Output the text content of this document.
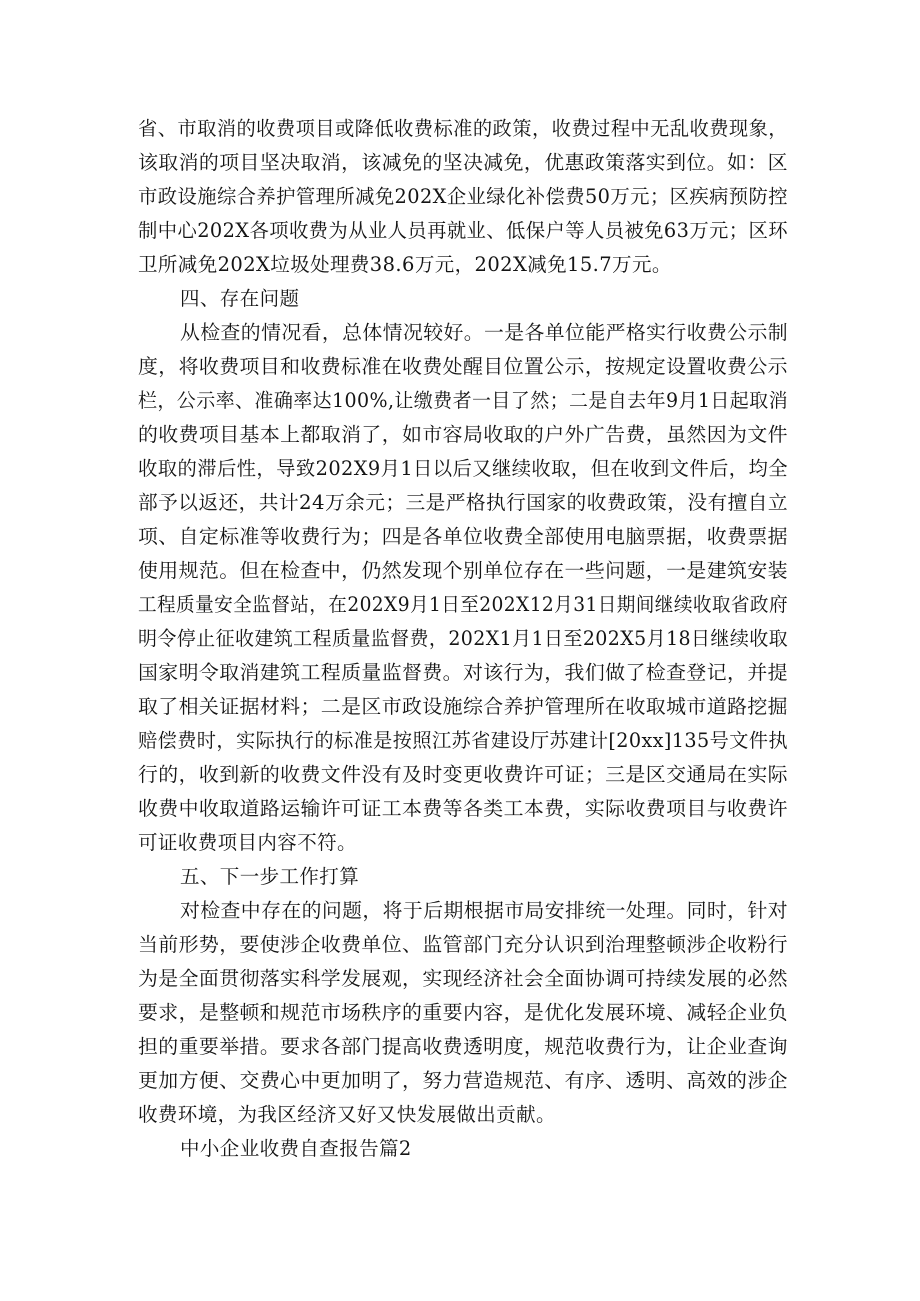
省、市取消的收费项目或降低收费标准的政策，收费过程中无乱收费现象，
该取消的项目坚决取消，该减免的坚决减免，优惠政策落实到位。如：区
市政设施综合养护管理所减免202X企业绿化补偿费50万元；区疾病预防控
制中心202X各项收费为从业人员再就业、低保户等人员被免63万元；区环
卫所减免202X垃圾处理费38.6万元，202X减免15.7万元。
四、存在问题
从检查的情况看，总体情况较好。一是各单位能严格实行收费公示制
度，将收费项目和收费标准在收费处醒目位置公示，按规定设置收费公示
栏，公示率、准确率达100%,让缴费者一目了然；二是自去年9月1日起取消
的收费项目基本上都取消了，如市容局收取的户外广告费，虽然因为文件
收取的滞后性，导致202X9月1日以后又继续收取，但在收到文件后，均全
部予以返还，共计24万余元；三是严格执行国家的收费政策，没有擅自立
项、自定标准等收费行为；四是各单位收费全部使用电脑票据，收费票据
使用规范。但在检查中，仍然发现个别单位存在一些问题，一是建筑安装
工程质量安全监督站，在202X9月1日至202X12月31日期间继续收取省政府
明令停止征收建筑工程质量监督费，202X1月1日至202X5月18日继续收取
国家明令取消建筑工程质量监督费。对该行为，我们做了检查登记，并提
取了相关证据材料；二是区市政设施综合养护管理所在收取城市道路挖掘
赔偿费时，实际执行的标准是按照江苏省建设厅苏建计[20xx]135号文件执
行的，收到新的收费文件没有及时变更收费许可证；三是区交通局在实际
收费中收取道路运输许可证工本费等各类工本费，实际收费项目与收费许
可证收费项目内容不符。
五、下一步工作打算
对检查中存在的问题，将于后期根据市局安排统一处理。同时，针对
当前形势，要使涉企收费单位、监管部门充分认识到治理整顿涉企收粉行
为是全面贯彻落实科学发展观，实现经济社会全面协调可持续发展的必然
要求，是整顿和规范市场秩序的重要内容，是优化发展环境、减轻企业负
担的重要举措。要求各部门提高收费透明度，规范收费行为，让企业查询
更加方便、交费心中更加明了，努力营造规范、有序、透明、高效的涉企
收费环境，为我区经济又好又快发展做出贡献。
中小企业收费自查报告篇2
